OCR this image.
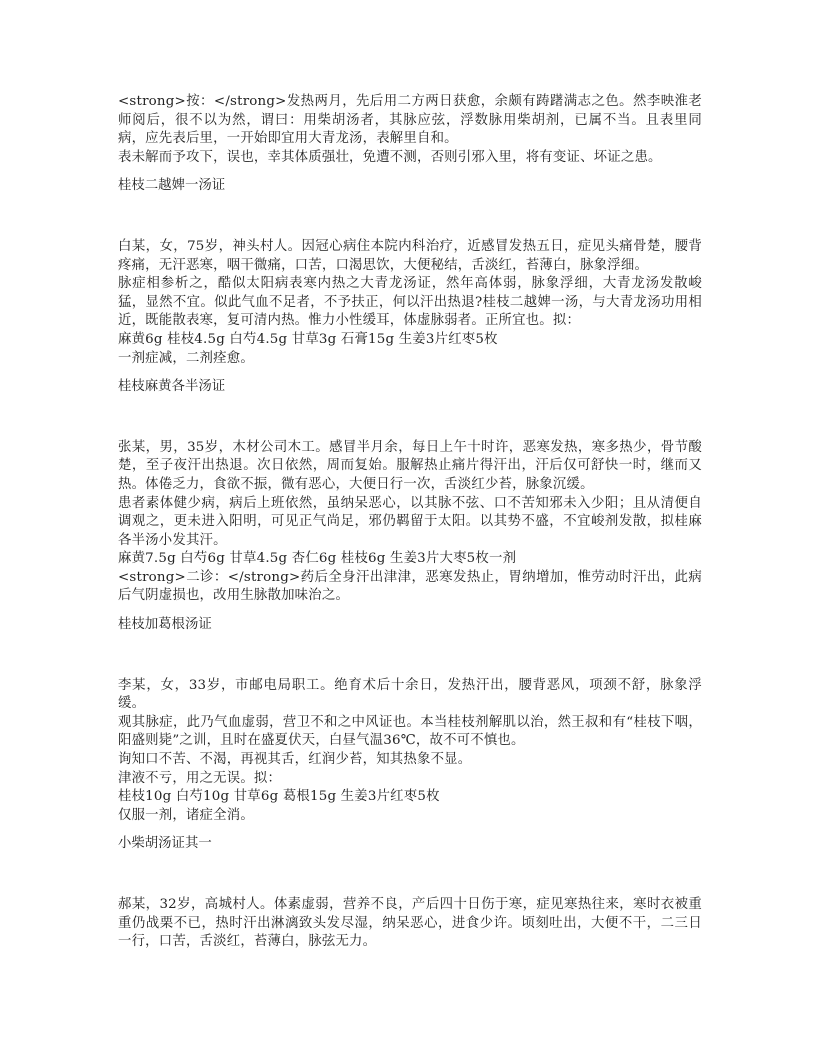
<strong>按：</strong>发热两月，先后用二方两日获愈，余颇有踌躇满志之色。然李映淮老师阅后，很不以为然，谓曰：用柴胡汤者，其脉应弦，浮数脉用柴胡剂，已属不当。且表里同病，应先表后里，一开始即宜用大青龙汤，表解里自和。

表未解而予攻下，误也，幸其体质强壮，免遭不测，否则引邪入里，将有变证、坏证之患。

桂枝二越婢一汤证

白某，女，75岁，神头村人。因冠心病住本院内科治疗，近感冒发热五日，症见头痛骨楚，腰背疼痛，无汗恶寒，咽干微痛，口苦，口渴思饮，大便秘结，舌淡红，苔薄白，脉象浮细。

脉症相参析之，酷似太阳病表寒内热之大青龙汤证，然年高体弱，脉象浮细，大青龙汤发散峻猛，显然不宜。似此气血不足者，不予扶正，何以汗出热退?桂枝二越婢一汤，与大青龙汤功用相近，既能散表寒，复可清内热。惟力小性缓耳，体虚脉弱者。正所宜也。拟：

麻黄6g 桂枝4.5g 白芍4.5g 甘草3g 石膏15g 生姜3片红枣5枚

一剂症减，二剂痊愈。

桂枝麻黄各半汤证

张某，男，35岁，木材公司木工。感冒半月余，每日上午十时许，恶寒发热，寒多热少，骨节酸楚，至子夜汗出热退。次日依然，周而复始。服解热止痛片得汗出，汗后仅可舒快一时，继而又热。体倦乏力，食欲不振，微有恶心，大便日行一次，舌淡红少苔，脉象沉缓。

患者素体健少病，病后上班依然，虽纳呆恶心，以其脉不弦、口不苦知邪未入少阳；且从清便自调观之，更未进入阳明，可见正气尚足，邪仍羁留于太阳。以其势不盛，不宜峻剂发散，拟桂麻各半汤小发其汗。

麻黄7.5g 白芍6g 甘草4.5g 杏仁6g 桂枝6g 生姜3片大枣5枚一剂

<strong>二诊：</strong>药后全身汗出津津，恶寒发热止，胃纳增加，惟劳动时汗出，此病后气阴虚损也，改用生脉散加味治之。

桂枝加葛根汤证

李某，女，33岁，市邮电局职工。绝育术后十余日，发热汗出，腰背恶风，项颈不舒，脉象浮缓。

观其脉症，此乃气血虚弱，营卫不和之中风证也。本当桂枝剂解肌以治，然王叔和有“桂枝下咽，阳盛则毙”之训，且时在盛夏伏天，白昼气温36℃，故不可不慎也。

询知口不苦、不渴，再视其舌，红润少苔，知其热象不显。

津液不亏，用之无误。拟：

桂枝10g 白芍10g 甘草6g 葛根15g 生姜3片红枣5枚

仅服一剂，诸症全消。

小柴胡汤证其一

郝某，32岁，高城村人。体素虚弱，营养不良，产后四十日伤于寒，症见寒热往来，寒时衣被重重仍战栗不已，热时汗出淋漓致头发尽湿，纳呆恶心，进食少许。顷刻吐出，大便不干，二三日一行，口苦，舌淡红，苔薄白，脉弦无力。
